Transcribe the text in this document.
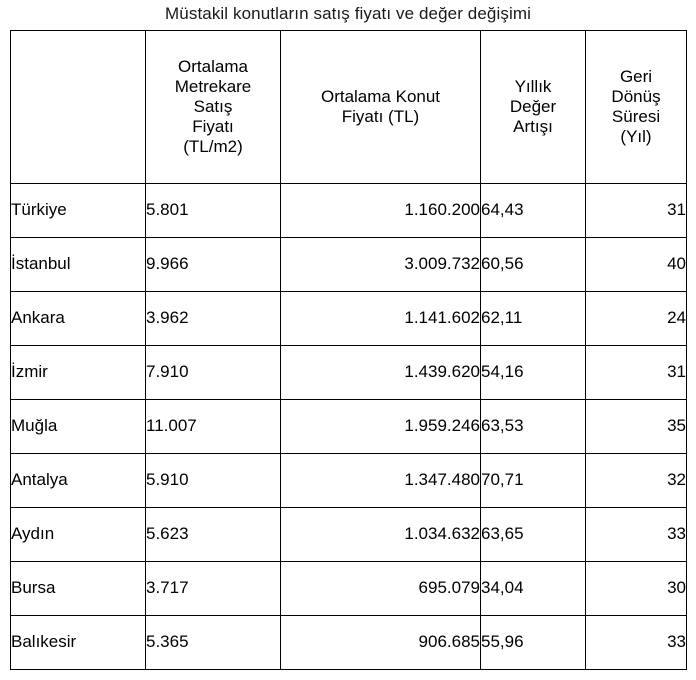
Müstakil konutların satış fiyatı ve değer değişimi

	Ortalama
Metrekare
Satış
Fiyatı
(TL/m2)	Ortalama Konut
Fiyatı (TL)	Yıllık
Değer
Artışı	Geri
Dönüş
Süresi
(Yıl)

Türkiye	5.801	1.160.200	64,43	31
İstanbul	9.966	3.009.732	60,56	40
Ankara	3.962	1.141.602	62,11	24
İzmir	7.910	1.439.620	54,16	31
Muğla	11.007	1.959.246	63,53	35
Antalya	5.910	1.347.480	70,71	32
Aydın	5.623	1.034.632	63,65	33
Bursa	3.717	695.079	34,04	30
Balıkesir	5.365	906.685	55,96	33
